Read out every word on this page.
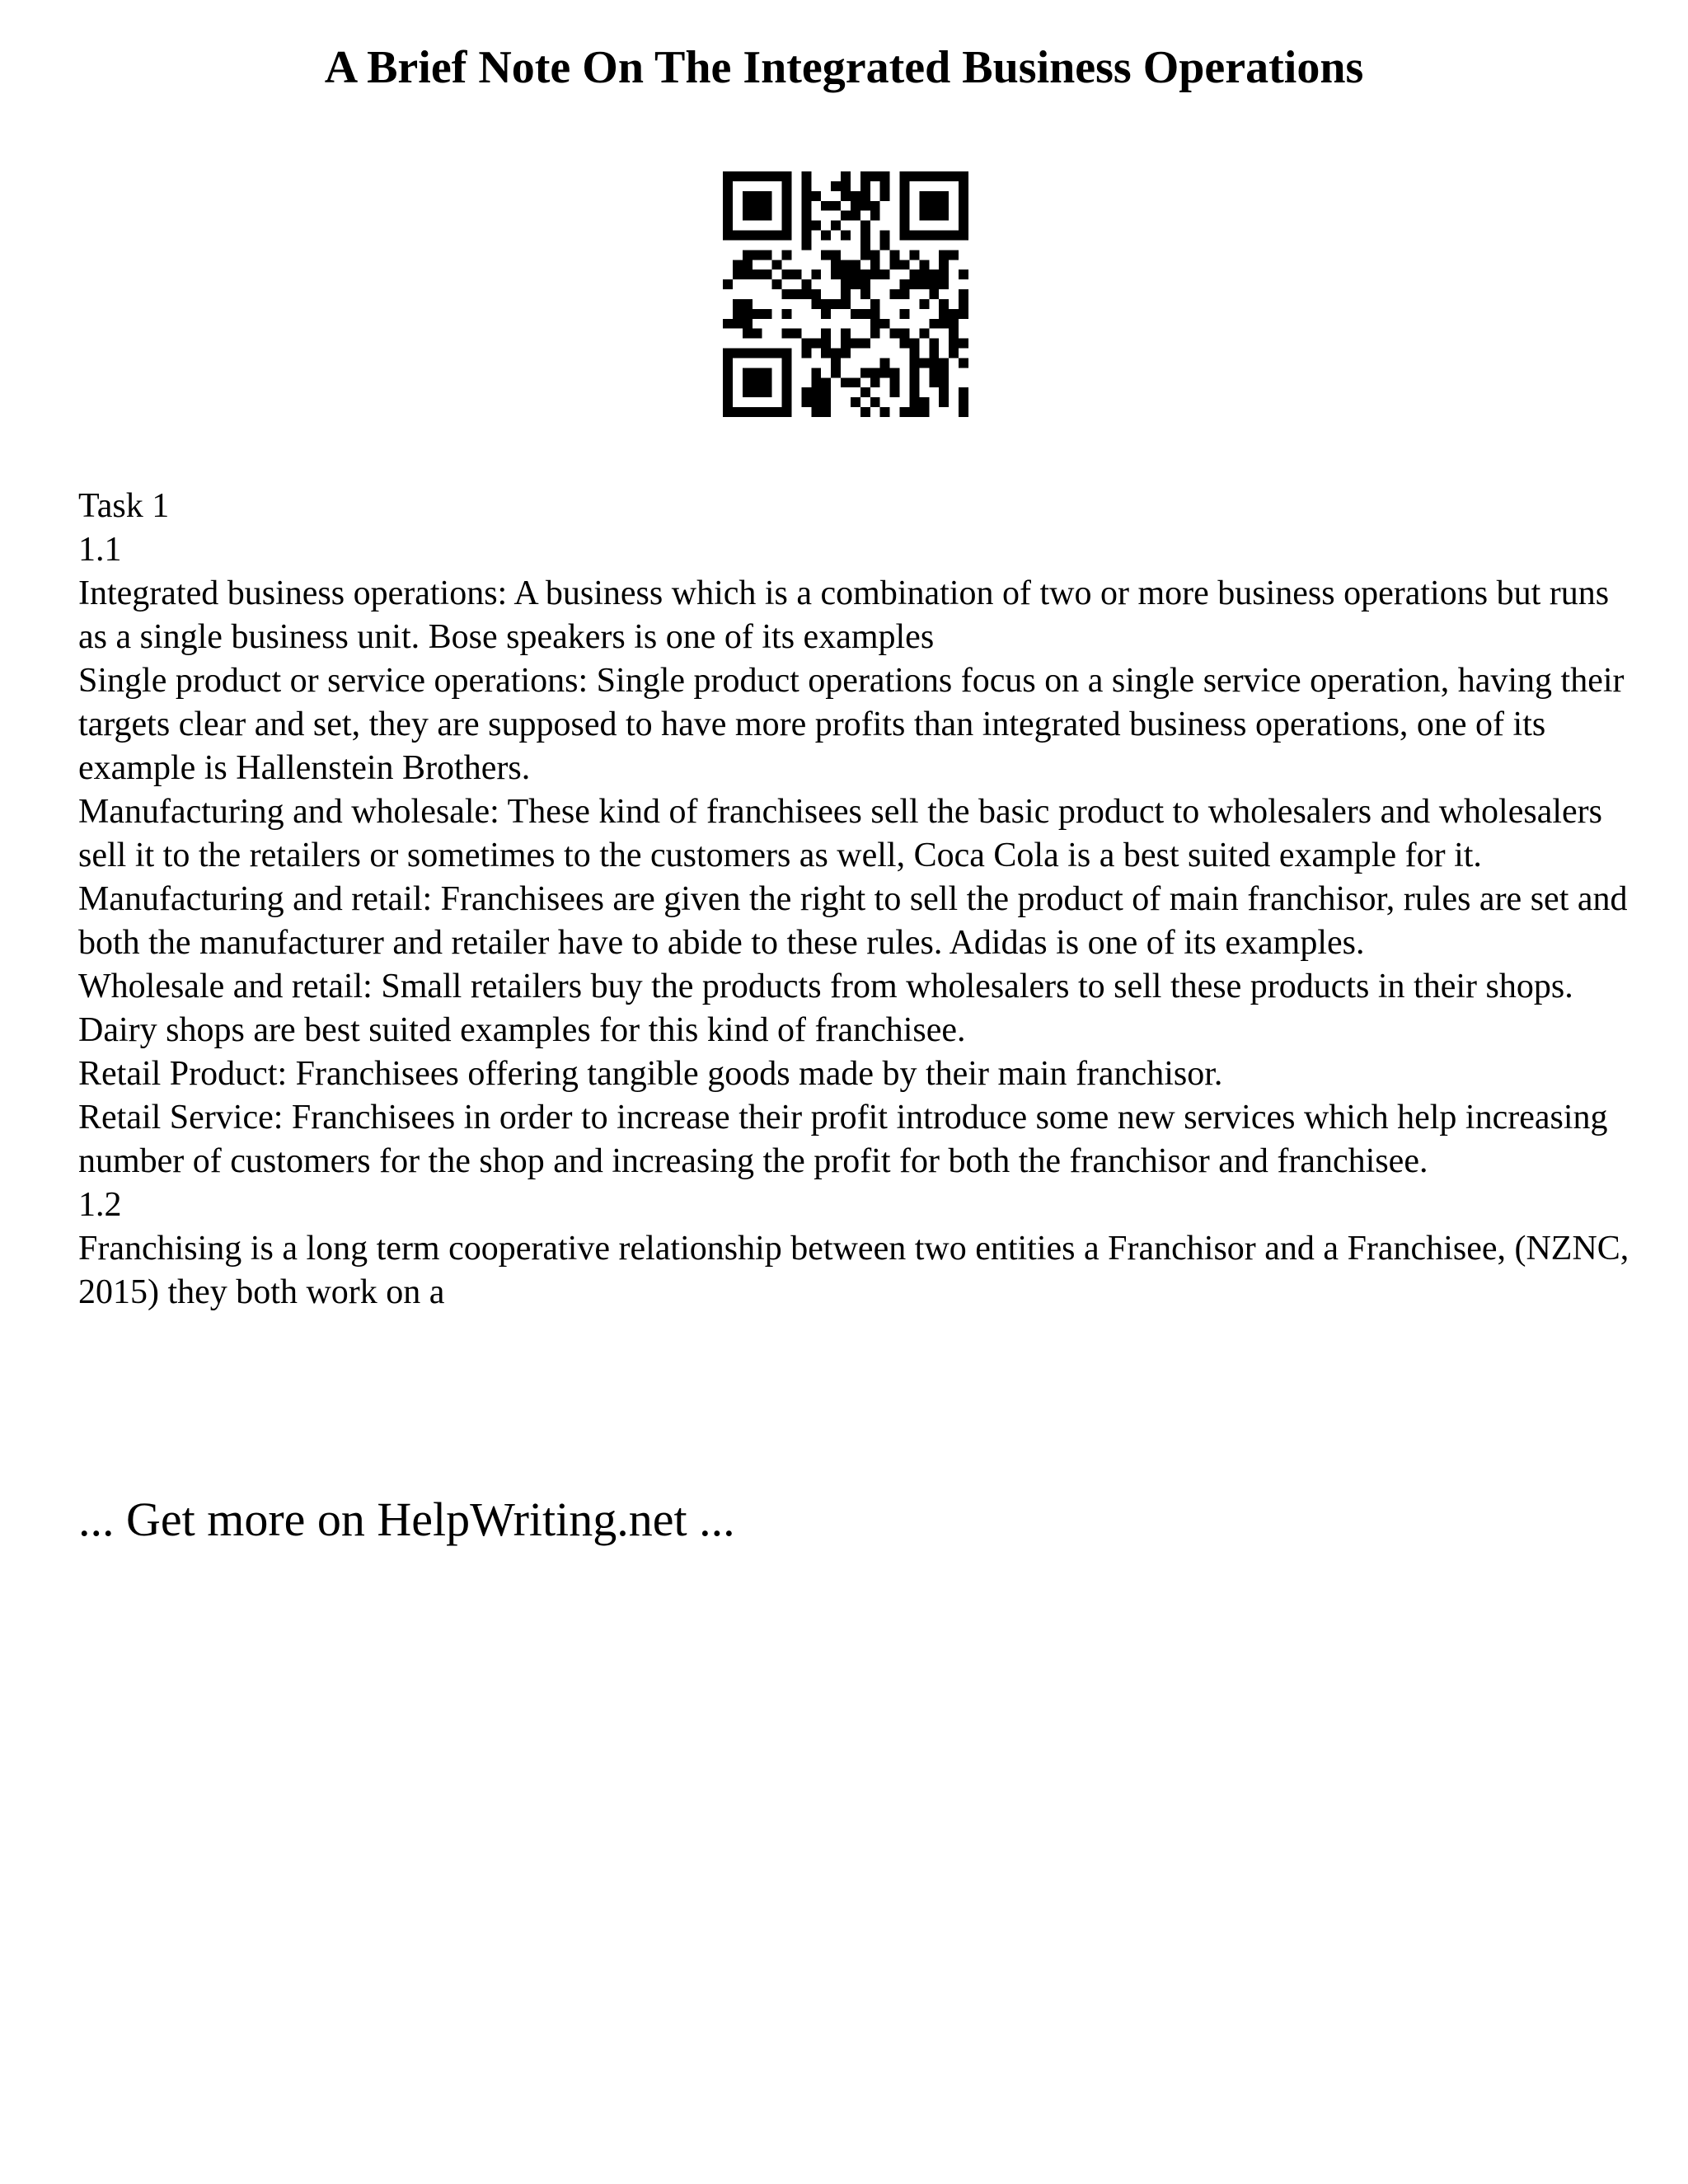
A Brief Note On The Integrated Business Operations
Task 1
1.1
Integrated business operations: A business which is a combination of two or more business operations but runs as a single business unit. Bose speakers is one of its examples
Single product or service operations: Single product operations focus on a single service operation, having their targets clear and set, they are supposed to have more profits than integrated business operations, one of its example is Hallenstein Brothers.
Manufacturing and wholesale: These kind of franchisees sell the basic product to wholesalers and wholesalers sell it to the retailers or sometimes to the customers as well, Coca Cola is a best suited example for it.
Manufacturing and retail: Franchisees are given the right to sell the product of main franchisor, rules are set and both the manufacturer and retailer have to abide to these rules. Adidas is one of its examples.
Wholesale and retail: Small retailers buy the products from wholesalers to sell these products in their shops. Dairy shops are best suited examples for this kind of franchisee.
Retail Product: Franchisees offering tangible goods made by their main franchisor.
Retail Service: Franchisees in order to increase their profit introduce some new services which help increasing number of customers for the shop and increasing the profit for both the franchisor and franchisee.
1.2
Franchising is a long term cooperative relationship between two entities a Franchisor and a Franchisee, (NZNC, 2015) they both work on a
... Get more on HelpWriting.net ...
